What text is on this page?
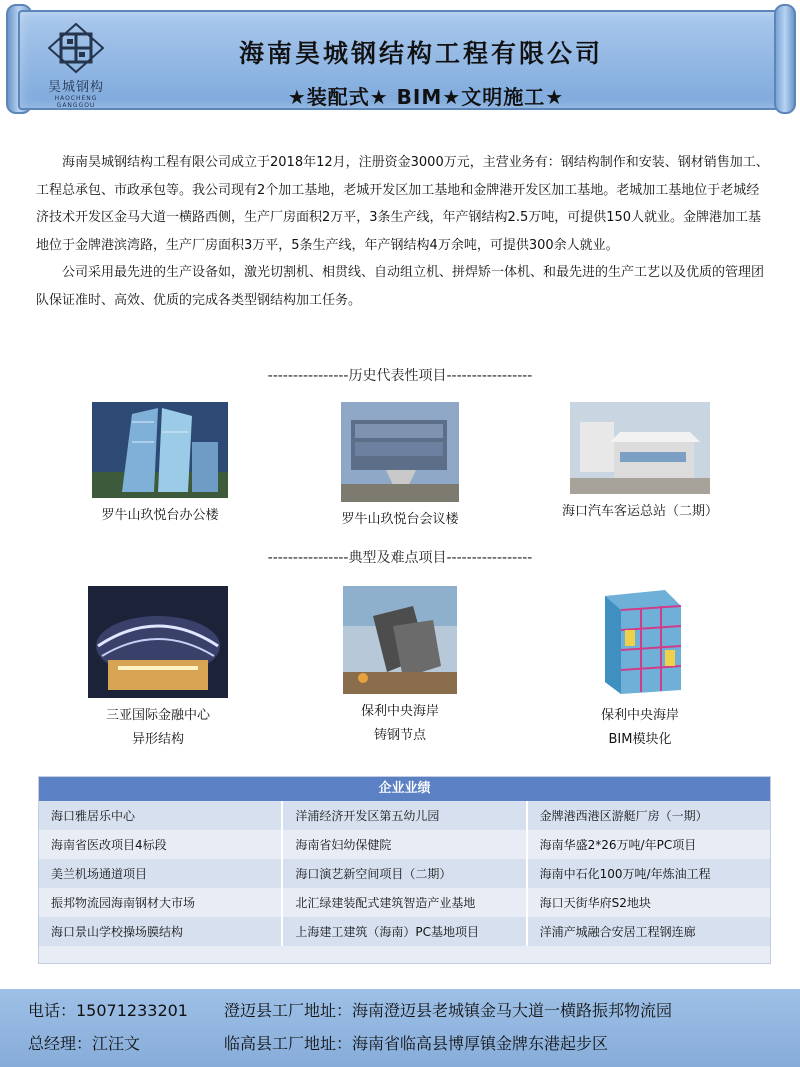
昊城钢构
HAOCHENG GANGGOU
海南昊城钢结构工程有限公司
★装配式★ BIM★文明施工★

海南昊城钢结构工程有限公司成立于2018年12月，注册资金3000万元，主营业务有：钢结构制作和安装、钢材销售加工、工程总承包、市政承包等。我公司现有2个加工基地，老城开发区加工基地和金牌港开发区加工基地。老城加工基地位于老城经济技术开发区金马大道一横路西侧，生产厂房面积2万平，3条生产线，年产钢结构2.5万吨，可提供150人就业。金牌港加工基地位于金牌港滨湾路，生产厂房面积3万平，5条生产线，年产钢结构4万余吨，可提供300余人就业。

公司采用最先进的生产设备如，激光切割机、相贯线、自动组立机、拼焊矫一体机、和最先进的生产工艺以及优质的管理团队保证准时、高效、优质的完成各类型钢结构加工任务。

----------------历史代表性项目-----------------
罗牛山玖悦台办公楼	罗牛山玖悦台会议楼
海口汽车客运总站（二期）
----------------典型及难点项目-----------------
三亚国际金融中心
异形结构
保利中央海岸
铸钢节点
保利中央海岸
BIM模块化
企业业绩
海口雅居乐中心	洋浦经济开发区第五幼儿园	金牌港西港区游艇厂房（一期）
海南省医改项目4标段	海南省妇幼保健院	海南华盛2*26万吨/年PC项目
美兰机场通道项目	海口演艺新空间项目（二期）	海南中石化100万吨/年炼油工程
振邦物流园海南钢材大市场	北汇绿建装配式建筑智造产业基地	海口天街华府S2地块
海口景山学校操场膜结构	上海建工建筑（海南）PC基地项目	洋浦产城融合安居工程钢连廊
电话：15071233201 澄迈县工厂地址：海南澄迈县老城镇金马大道一横路振邦物流园
总经理：江汪文	临高县工厂地址：海南省临高县博厚镇金牌东港起步区
